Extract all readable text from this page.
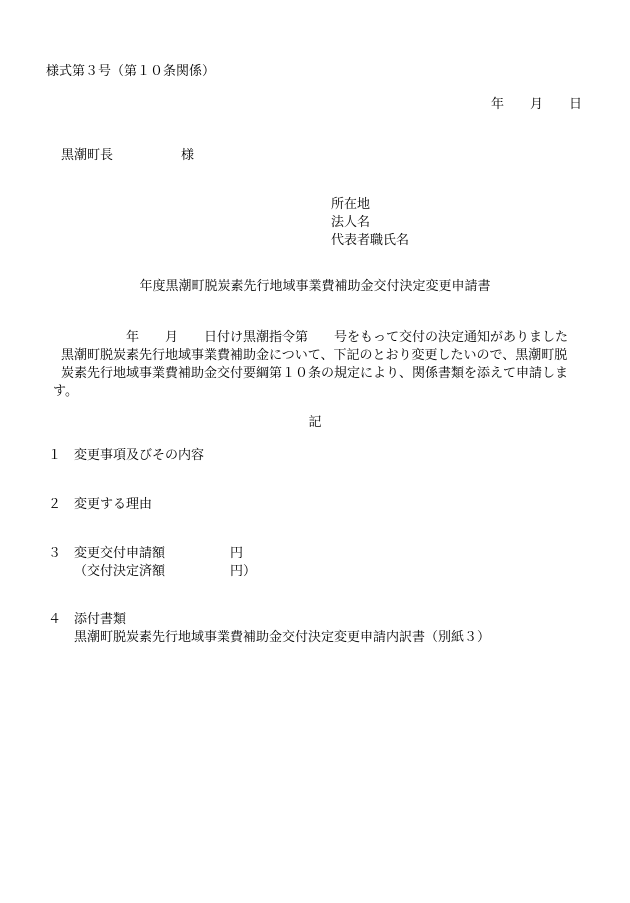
様式第３号（第１０条関係）
年　　月　　日
黒潮町長	様
所在地
法人名
代表者職氏名
年度黒潮町脱炭素先行地域事業費補助金交付決定変更申請書
　　　　　年　　月　　日付け黒潮指令第　　号をもって交付の決定通知がありました
黒潮町脱炭素先行地域事業費補助金について、下記のとおり変更したいので、黒潮町脱
炭素先行地域事業費補助金交付要綱第１０条の規定により、関係書類を添えて申請しま
す。
記
１ 変更事項及びその内容
２ 変更する理由
３ 変更交付申請額　　　　　円
（交付決定済額　　　　　円）
４ 添付書類
黒潮町脱炭素先行地域事業費補助金交付決定変更申請内訳書（別紙３）
